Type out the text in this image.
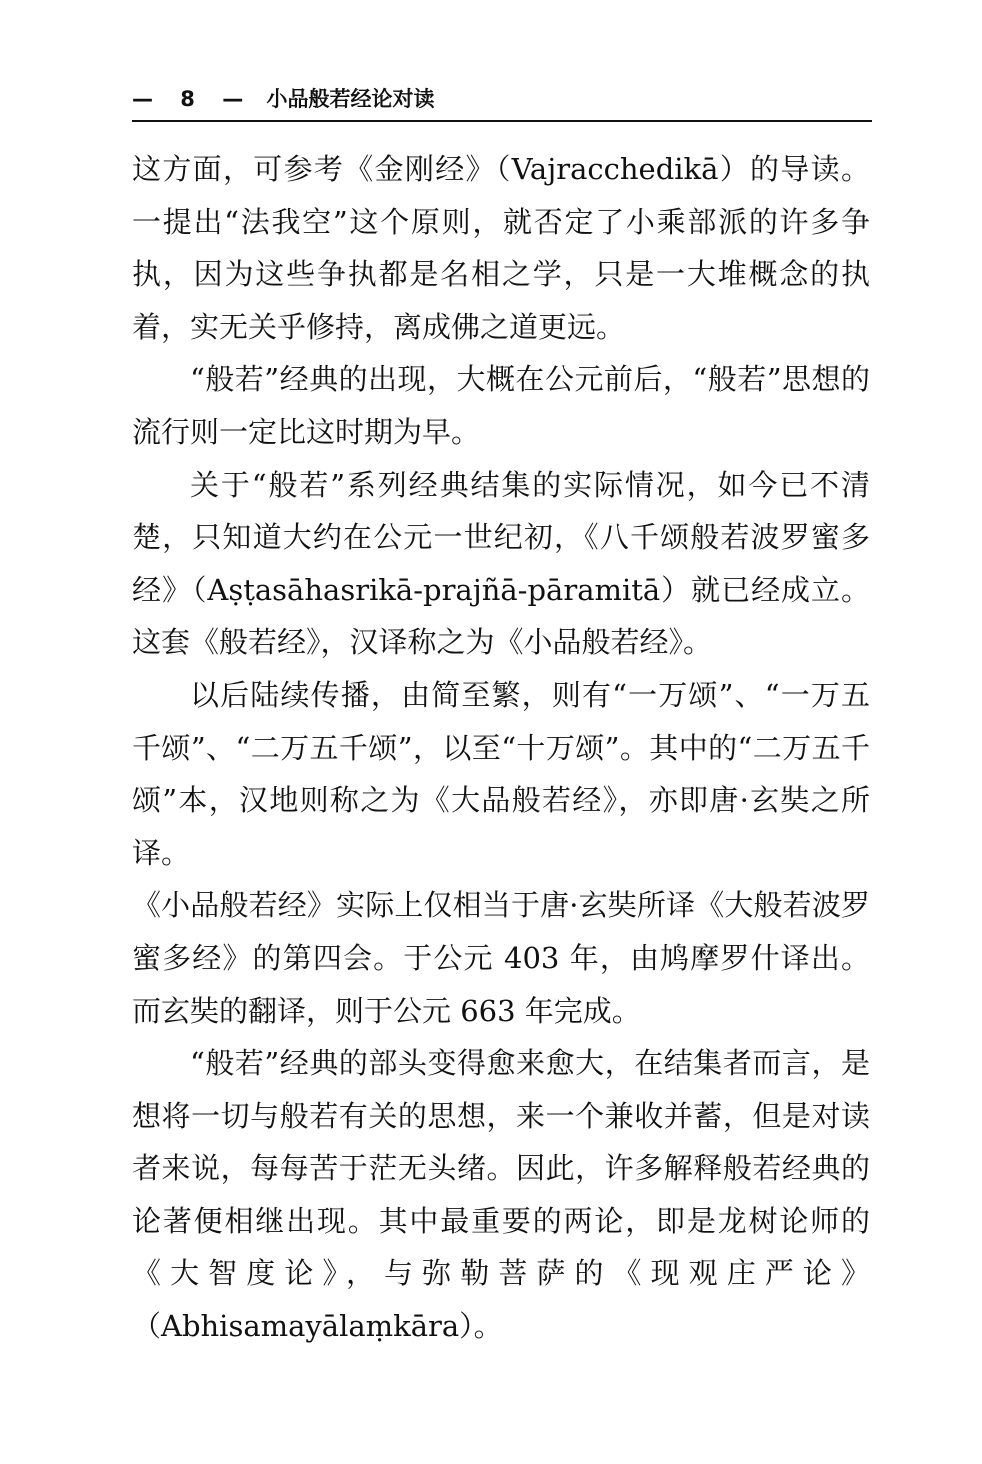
— 8 — 小品般若经论对读

这方面，可参考《金刚经》（Vajracchedikā）的导读。一提出“法我空”这个原则，就否定了小乘部派的许多争执，因为这些争执都是名相之学，只是一大堆概念的执着，实无关乎修持，离成佛之道更远。

“般若”经典的出现，大概在公元前后，“般若”思想的流行则一定比这时期为早。

关于“般若”系列经典结集的实际情况，如今已不清楚，只知道大约在公元一世纪初，《八千颂般若波罗蜜多经》（Aṣṭasāhasrikā-prajñā-pāramitā）就已经成立。这套《般若经》，汉译称之为《小品般若经》。

以后陆续传播，由简至繁，则有“一万颂”、“一万五千颂”、“二万五千颂”，以至“十万颂”。其中的“二万五千颂”本，汉地则称之为《大品般若经》，亦即唐·玄奘之所译。

《小品般若经》实际上仅相当于唐·玄奘所译《大般若波罗蜜多经》的第四会。于公元 403 年，由鸠摩罗什译出。而玄奘的翻译，则于公元 663 年完成。

“般若”经典的部头变得愈来愈大，在结集者而言，是想将一切与般若有关的思想，来一个兼收并蓄，但是对读者来说，每每苦于茫无头绪。因此，许多解释般若经典的论著便相继出现。其中最重要的两论，即是龙树论师的《大智度论》，与弥勒菩萨的《现观庄严论》（Abhisamayālaṃkāra）。
